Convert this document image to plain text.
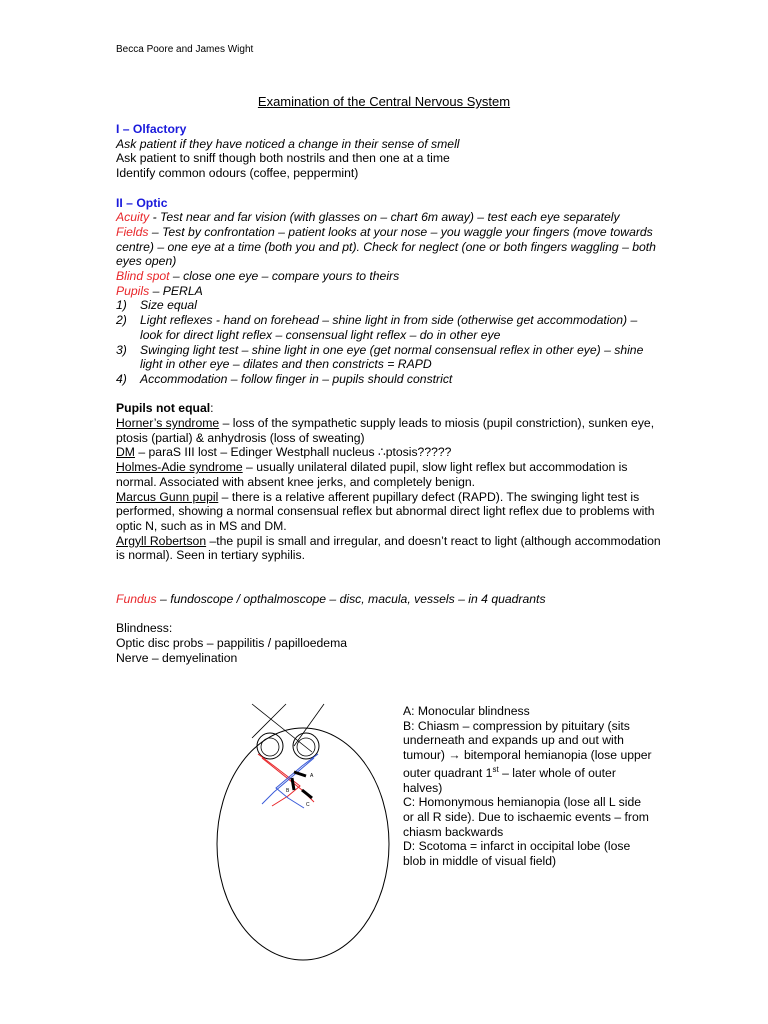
Becca Poore and James Wight
Examination of the Central Nervous System

I – Olfactory

Ask patient if they have noticed a change in their sense of smell

Ask patient to sniff though both nostrils and then one at a time

Identify common odours (coffee, peppermint)

II – Optic

Acuity - Test near and far vision (with glasses on – chart 6m away) – test each eye separately

Fields – Test by confrontation – patient looks at your nose – you waggle your fingers (move towards centre) – one eye at a time (both you and pt). Check for neglect (one or both fingers waggling – both eyes open)

Blind spot – close one eye – compare yours to theirs

Pupils – PERLA

1)	Size equal
2)	Light reflexes - hand on forehead – shine light in from side (otherwise get accommodation) – look for direct light reflex – consensual light reflex – do in other eye
3)	Swinging light test – shine light in one eye (get normal consensual reflex in other eye) – shine light in other eye – dilates and then constricts = RAPD
4)	Accommodation – follow finger in – pupils should constrict

Pupils not equal:

Horner’s syndrome – loss of the sympathetic supply leads to miosis (pupil constriction), sunken eye, ptosis (partial) & anhydrosis (loss of sweating)

DM – paraS III lost – Edinger Westphall nucleus ∴ptosis?????

Holmes-Adie syndrome – usually unilateral dilated pupil, slow light reflex but accommodation is normal. Associated with absent knee jerks, and completely benign.

Marcus Gunn pupil – there is a relative afferent pupillary defect (RAPD). The swinging light test is performed, showing a normal consensual reflex but abnormal direct light reflex due to problems with optic N, such as in MS and DM.

Argyll Robertson –the pupil is small and irregular, and doesn’t react to light (although accommodation is normal). Seen in tertiary syphilis.

Fundus – fundoscope / opthalmoscope – disc, macula, vessels – in 4 quadrants

Blindness:

Optic disc probs – pappilitis / papilloedema

Nerve – demyelination

A
B
C

A: Monocular blindness

B: Chiasm – compression by pituitary (sits underneath and expands up and out with tumour) → bitemporal hemianopia (lose upper outer quadrant 1st – later whole of outer halves)

C: Homonymous hemianopia (lose all L side or all R side). Due to ischaemic events – from chiasm backwards

D: Scotoma = infarct in occipital lobe (lose blob in middle of visual field)
